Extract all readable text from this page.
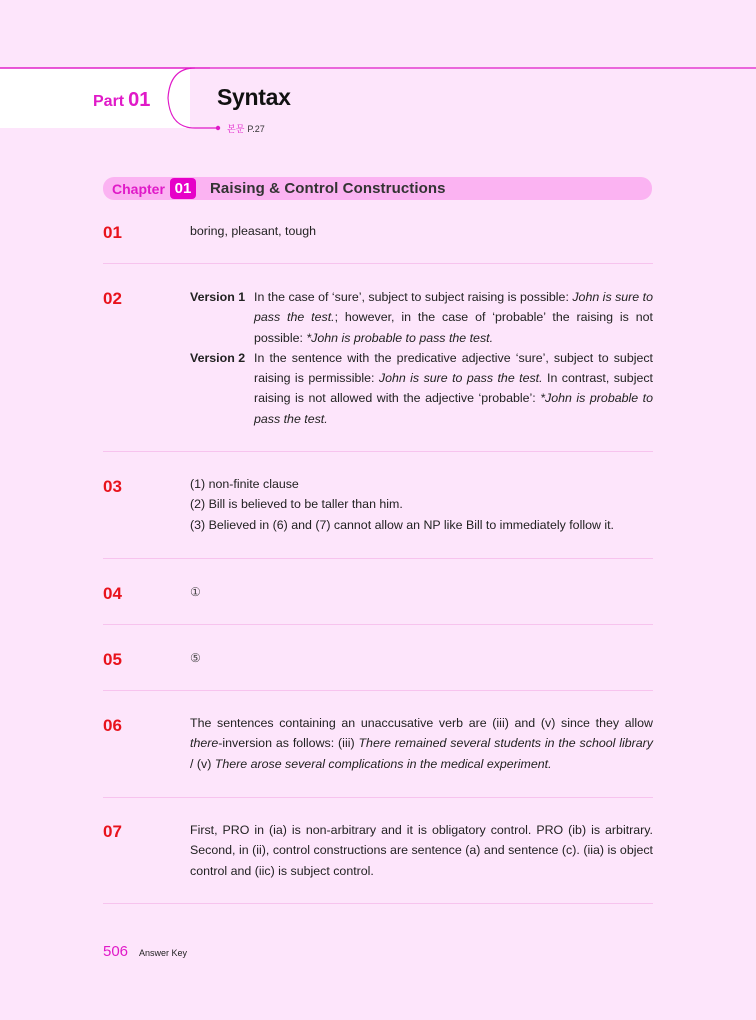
Part 01	Syntax
본문 P.27
Chapter 01	Raising & Control Constructions
01	boring, pleasant, tough
02	Version 1 In the case of ‘sure’, subject to subject raising is possible: John is sure to pass the test.; however, in the case of ‘probable’ the raising is not possible: *John is probable to pass the test.
Version 2 In the sentence with the predicative adjective ‘sure’, subject to subject raising is permissible: John is sure to pass the test. In contrast, subject raising is not allowed with the adjective ‘probable’: *John is probable to pass the test.
03	(1) non-finite clause
(2) Bill is believed to be taller than him.
(3) Believed in (6) and (7) cannot allow an NP like Bill to immediately follow it.
04	①
05	⑤
06	The sentences containing an unaccusative verb are (iii) and (v) since they allow there-inversion as follows: (iii) There remained several students in the school library / (v) There arose several complications in the medical experiment.
07	First, PRO in (ia) is non-arbitrary and it is obligatory control. PRO (ib) is arbitrary. Second, in (ii), control constructions are sentence (a) and sentence (c). (iia) is object control and (iic) is subject control.
506 Answer Key
